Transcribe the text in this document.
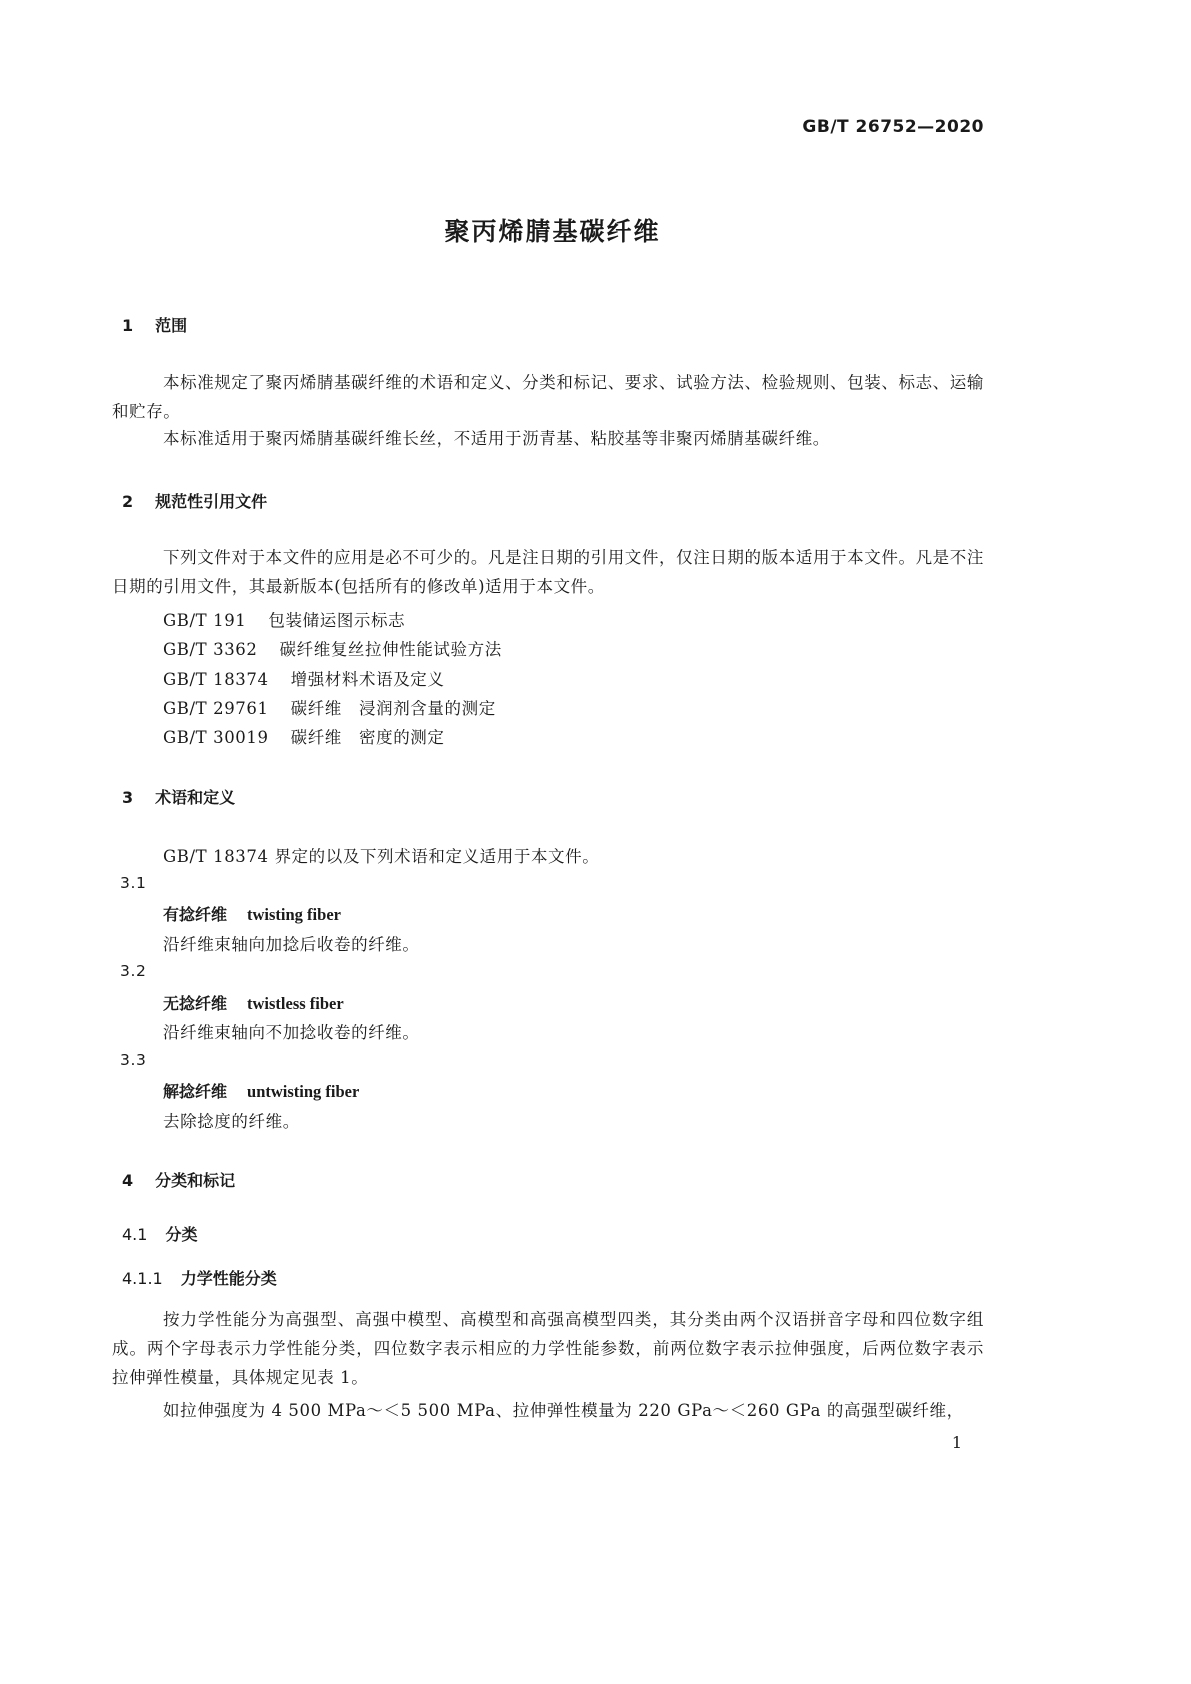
GB/T 26752—2020
聚丙烯腈基碳纤维
1 范围
本标准规定了聚丙烯腈基碳纤维的术语和定义、分类和标记、要求、试验方法、检验规则、包装、标志、运输和贮存。
本标准适用于聚丙烯腈基碳纤维长丝，不适用于沥青基、粘胶基等非聚丙烯腈基碳纤维。
2 规范性引用文件
下列文件对于本文件的应用是必不可少的。凡是注日期的引用文件，仅注日期的版本适用于本文件。凡是不注日期的引用文件，其最新版本(包括所有的修改单)适用于本文件。
GB/T 191 包装储运图示标志
GB/T 3362 碳纤维复丝拉伸性能试验方法
GB/T 18374 增强材料术语及定义
GB/T 29761 碳纤维　浸润剂含量的测定
GB/T 30019 碳纤维　密度的测定
3 术语和定义
GB/T 18374 界定的以及下列术语和定义适用于本文件。
3.1
有捻纤维 twisting fiber
沿纤维束轴向加捻后收卷的纤维。
3.2
无捻纤维 twistless fiber
沿纤维束轴向不加捻收卷的纤维。
3.3
解捻纤维 untwisting fiber
去除捻度的纤维。
4 分类和标记
4.1 分类
4.1.1 力学性能分类
按力学性能分为高强型、高强中模型、高模型和高强高模型四类，其分类由两个汉语拼音字母和四位数字组成。两个字母表示力学性能分类，四位数字表示相应的力学性能参数，前两位数字表示拉伸强度，后两位数字表示拉伸弹性模量，具体规定见表 1。
如拉伸强度为 4 500 MPa～＜5 500 MPa、拉伸弹性模量为 220 GPa～＜260 GPa 的高强型碳纤维，
1
